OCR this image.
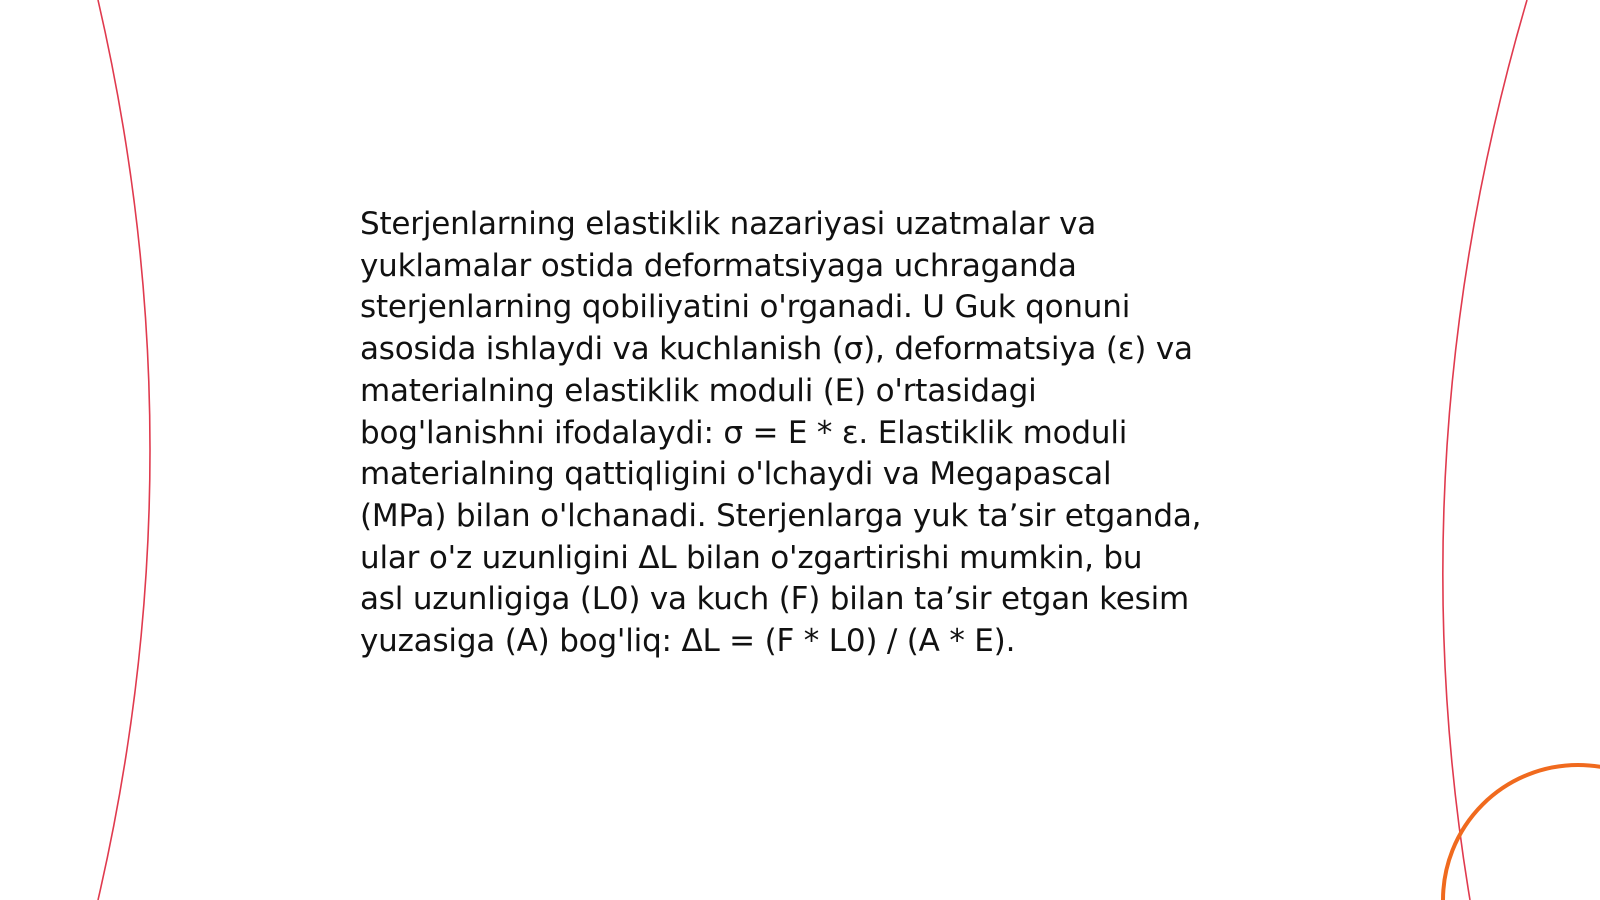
Sterjenlarning elastiklik nazariyasi uzatmalar va
yuklamalar ostida deformatsiyaga uchraganda
sterjenlarning qobiliyatini o'rganadi. U Guk qonuni
asosida ishlaydi va kuchlanish (σ), deformatsiya (ε) va
materialning elastiklik moduli (E) o'rtasidagi
bog'lanishni ifodalaydi: σ = E * ε. Elastiklik moduli
materialning qattiqligini o'lchaydi va Megapascal
(MPa) bilan o'lchanadi. Sterjenlarga yuk ta’sir etganda,
ular o'z uzunligini ΔL bilan o'zgartirishi mumkin, bu
asl uzunligiga (L0) va kuch (F) bilan ta’sir etgan kesim
yuzasiga (A) bog'liq: ΔL = (F * L0) / (A * E).
